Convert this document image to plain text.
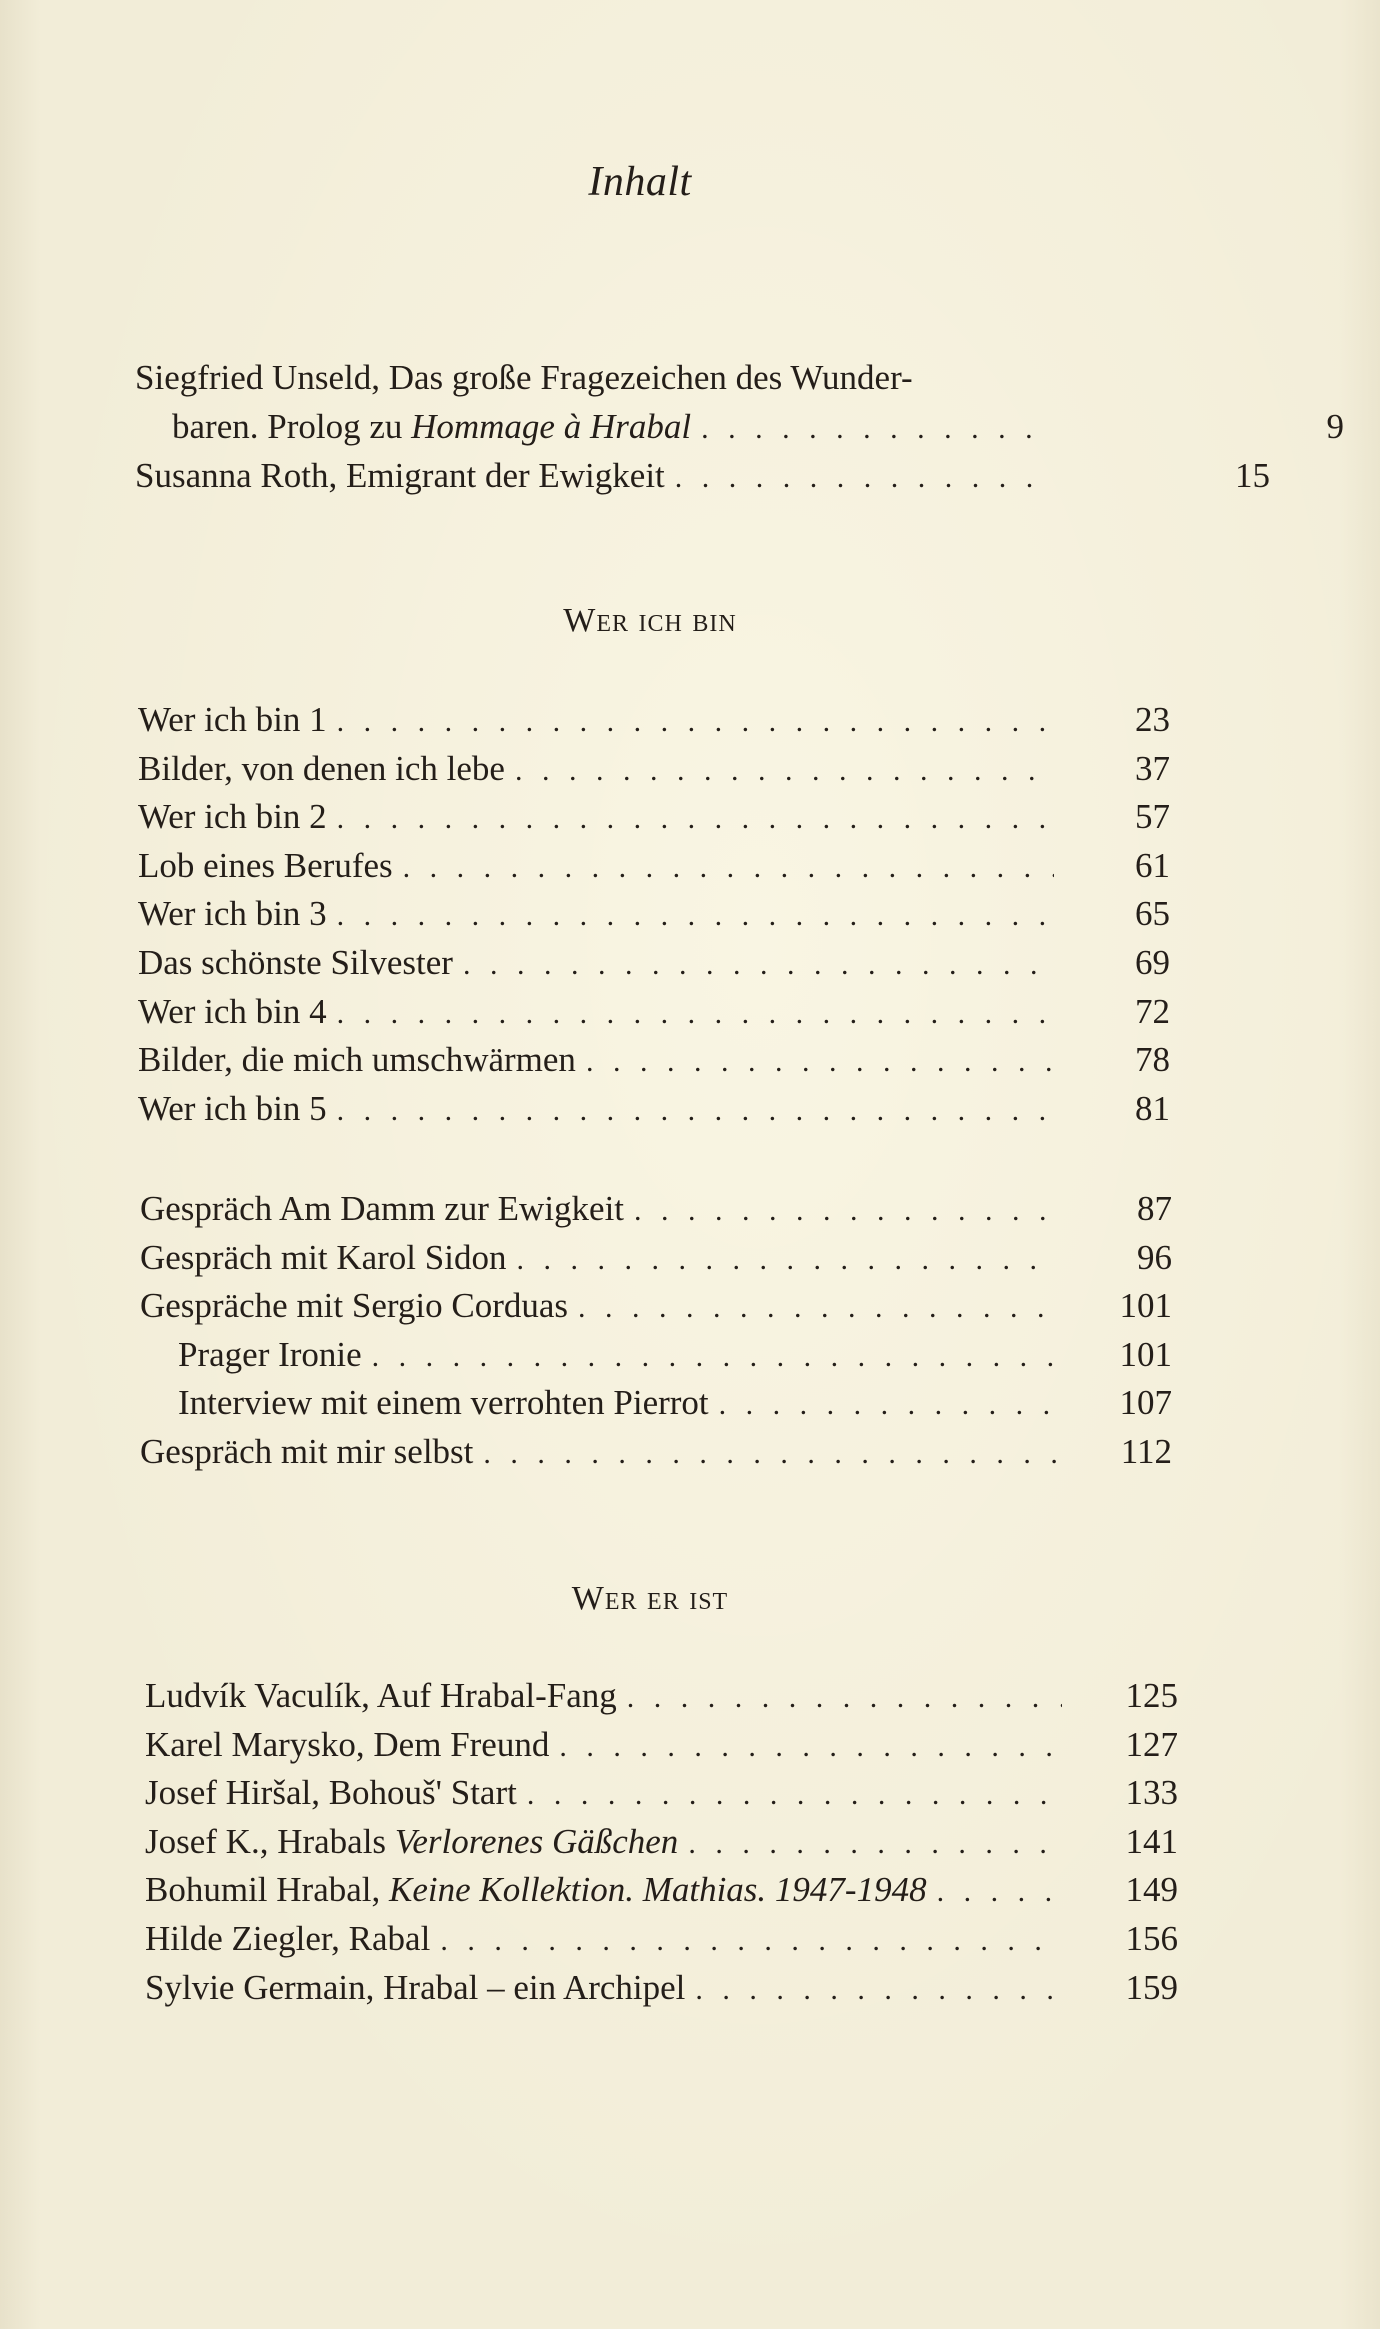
Inhalt
Siegfried Unseld, Das große Fragezeichen des Wunder-
baren. Prolog zu Hommage à Hrabal . . .	9
Susanna Roth, Emigrant der Ewigkeit . . .	15
Wer ich bin
Wer er ist
Wer ich bin 1 . . .	23
Bilder, von denen ich lebe . . .	37
Wer ich bin 2 . . .	57
Lob eines Berufes . . .	61
Wer ich bin 3 . . .	65
Das schönste Silvester . . .	69
Wer ich bin 4 . . .	72
Bilder, die mich umschwärmen . . .	78
Wer ich bin 5 . . .	81
Gespräch Am Damm zur Ewigkeit . . .	87
Gespräch mit Karol Sidon . . .	96
Gespräche mit Sergio Corduas . . .	101
Prager Ironie . . .	101
Interview mit einem verrohten Pierrot . . .	107
Gespräch mit mir selbst . . .	112
Ludvík Vaculík, Auf Hrabal-Fang . . .	125
Karel Marysko, Dem Freund . . .	127
Josef Hiršal, Bohouš' Start . . .	133
Josef K., Hrabals Verlorenes Gäßchen . . .	141
Bohumil Hrabal, Keine Kollektion. Mathias. 1947-1948 . . .	149
Hilde Ziegler, Rabal . . .	156
Sylvie Germain, Hrabal – ein Archipel . . .	159
